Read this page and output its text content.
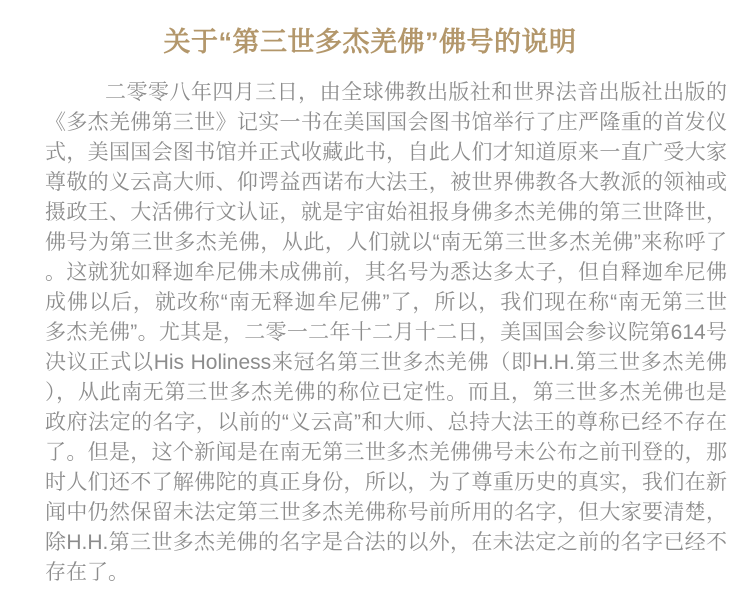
关于“第三世多杰羌佛”佛号的说明

二零零八年四月三日，由全球佛教出版社和世界法音出版社出版的

《多杰羌佛第三世》记实一书在美国国会图书馆举行了庄严隆重的首发仪

式，美国国会图书馆并正式收藏此书，自此人们才知道原来一直广受大家

尊敬的义云高大师、仰谔益西诺布大法王，被世界佛教各大教派的领袖或

摄政王、大活佛行文认证，就是宇宙始祖报身佛多杰羌佛的第三世降世，

佛号为第三世多杰羌佛，从此，人们就以“南无第三世多杰羌佛”来称呼了

。这就犹如释迦牟尼佛未成佛前，其名号为悉达多太子，但自释迦牟尼佛

成佛以后，就改称“南无释迦牟尼佛”了，所以，我们现在称“南无第三世

多杰羌佛”。尤其是，二零一二年十二月十二日，美国国会参议院第614号

决议正式以His Holiness来冠名第三世多杰羌佛（即H.H.第三世多杰羌佛

），从此南无第三世多杰羌佛的称位已定性。而且，第三世多杰羌佛也是

政府法定的名字，以前的“义云高”和大师、总持大法王的尊称已经不存在

了。但是，这个新闻是在南无第三世多杰羌佛佛号未公布之前刊登的，那

时人们还不了解佛陀的真正身份，所以，为了尊重历史的真实，我们在新

闻中仍然保留未法定第三世多杰羌佛称号前所用的名字，但大家要清楚，

除H.H.第三世多杰羌佛的名字是合法的以外，在未法定之前的名字已经不

存在了。
